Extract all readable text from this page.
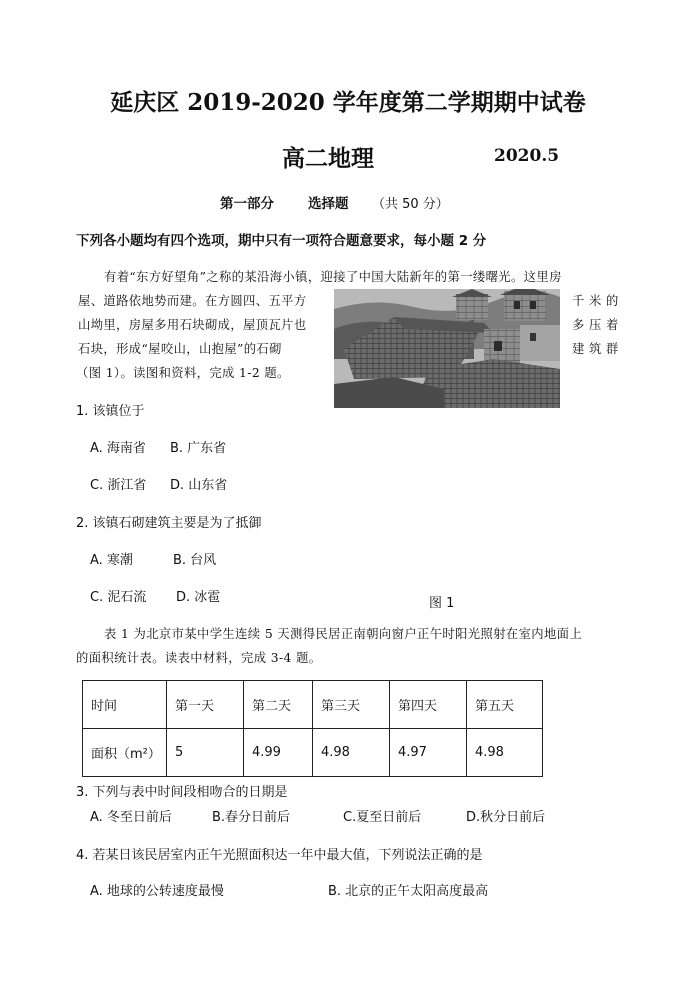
延庆区 2019-2020 学年度第二学期期中试卷
高二地理	2020.5
第一部分	选择题 （共 50 分）
下列各小题均有四个选项，期中只有一项符合题意要求，每小题 2 分
有着“东方好望角”之称的某沿海小镇，迎接了中国大陆新年的第一缕曙光。这里房
屋、道路依地势而建。在方圆四、五平方	千 米 的
山坳里，房屋多用石块砌成，屋顶瓦片也	多 压 着
石块，形成“屋咬山，山抱屋”的石砌	建 筑 群
（图 1）。读图和资料，完成 1-2 题。
1. 该镇位于
A. 海南省 B. 广东省
C. 浙江省 D. 山东省
2. 该镇石砌建筑主要是为了抵御
A. 寒潮	B. 台风
C. 泥石流 D. 冰雹	图 1
表 1 为北京市某中学生连续 5 天测得民居正南朝向窗户正午时阳光照射在室内地面上
的面积统计表。读表中材料，完成 3-4 题。
时间	第一天	第二天	第三天	第四天	第五天
面积（m²）	5	4.99	4.98	4.97	4.98
3. 下列与表中时间段相吻合的日期是
A. 冬至日前后	B.春分日前后	C.夏至日前后	D.秋分日前后
4. 若某日该民居室内正午光照面积达一年中最大值，下列说法正确的是
A. 地球的公转速度最慢	B. 北京的正午太阳高度最高
